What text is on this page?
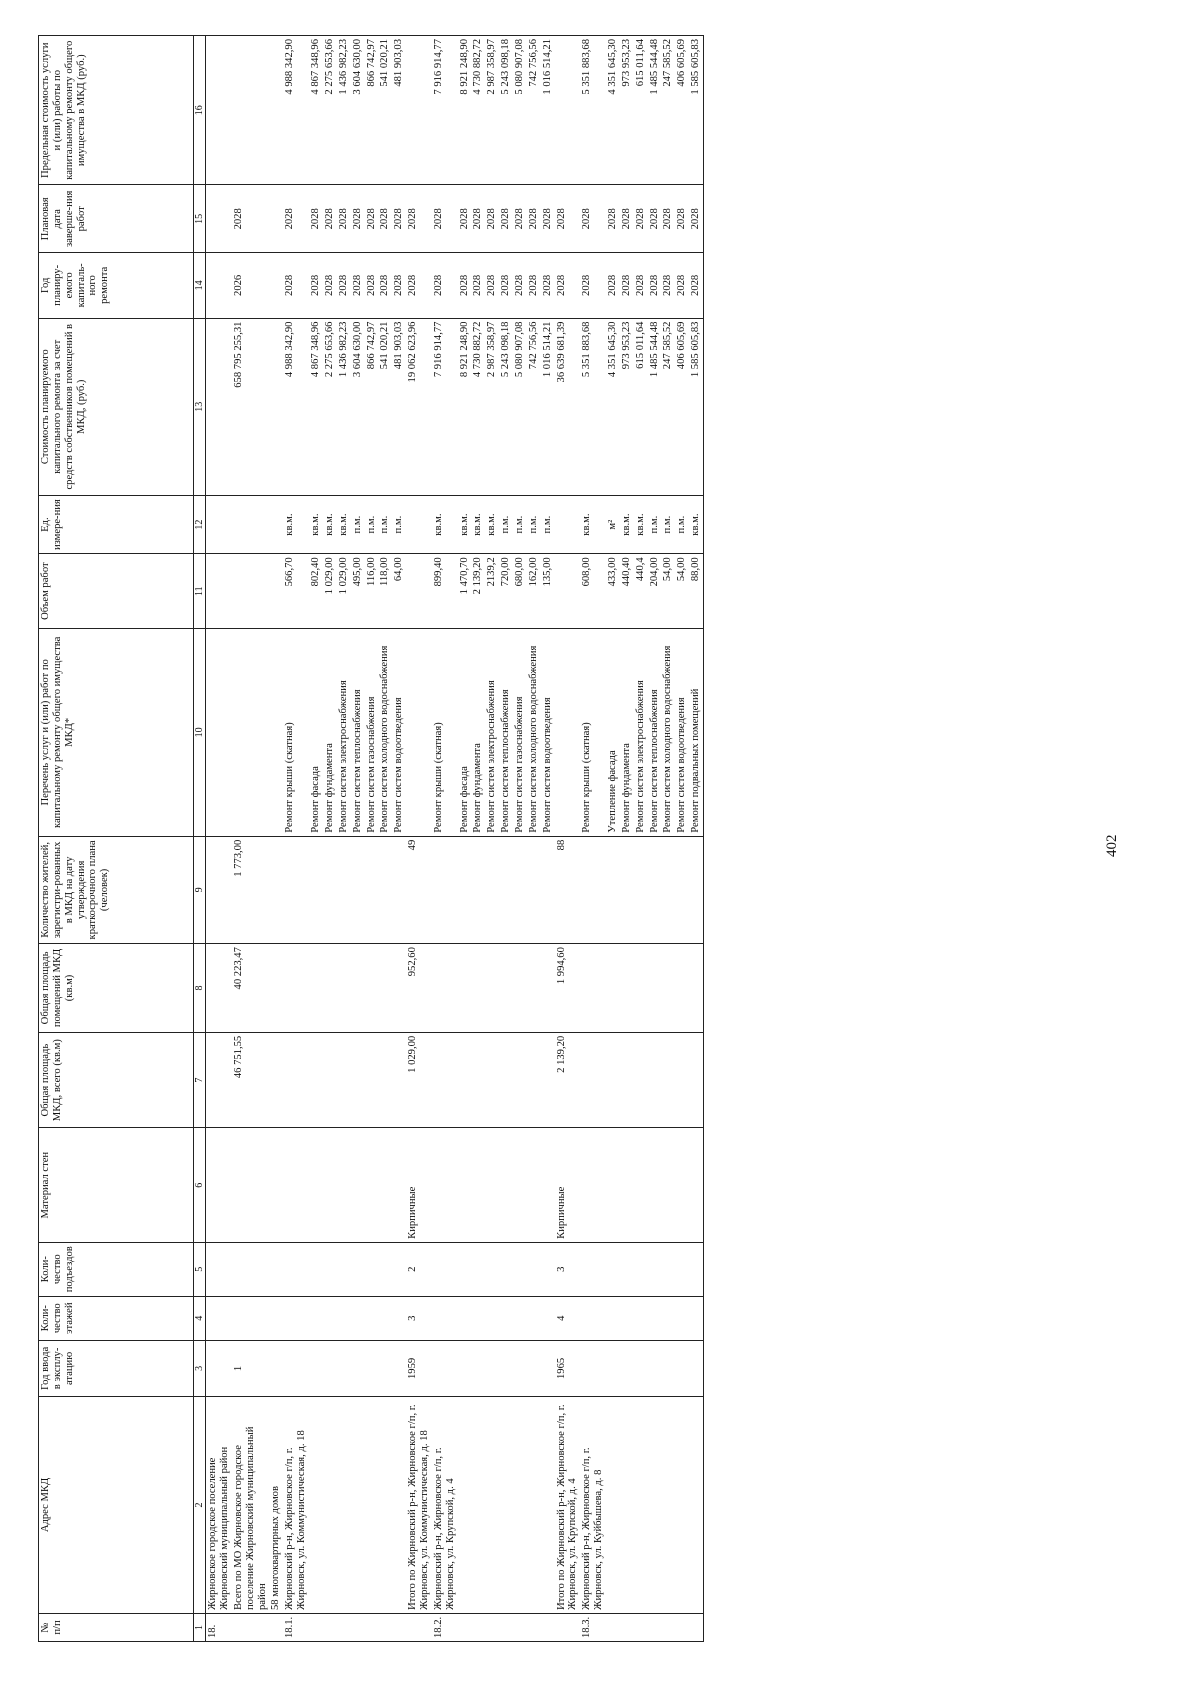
402
№ п/п	Адрес МКД	Год ввода в эксплу-атацию	Коли-чество этажей	Коли-чество подъездов	Материал стен	Общая площадь МКД, всего (кв.м)	Общая площадь помещений МКД (кв.м)	Количество жителей, зарегистри-рованных в МКД на дату утверждения краткосрочного плана (человек)	Перечень услуг и (или) работ по капитальному ремонту общего имущества МКД*	Объем работ	Ед. измере-ния	Стоимость планируемого капитального ремонта за счет средств собственников помещений в МКД, (руб.)	Год планиру-емого капиталь-ного ремонта	Плановая дата заверше-ния работ	Предельная стоимость услуги и (или) работы по капитальному ремонту общего имущества в МКД (руб.)
1	2	3	4	5	6	7	8	9	10	11	12	13	14	15	16
18.	Жирновское городское поселение Жирновский муниципальный район														
	Всего по МО Жирновское городское поселение Жирновский муниципальный район	1				46 751,55	40 223,47	1 773,00				658 795 255,31	2026	2028	
	58 многоквартирных домов														
18.1.	Жирновский р-н, Жирновское г/п, г. Жирновск, ул. Коммунистическая, д. 18								Ремонт крыши (скатная)	566,70	кв.м.	4 988 342,90	2028	2028	4 988 342,90
									Ремонт фасада	802,40	кв.м.	4 867 348,96	2028	2028	4 867 348,96
									Ремонт фундамента	1 029,00	кв.м.	2 275 653,66	2028	2028	2 275 653,66
									Ремонт систем электроснабжения	1 029,00	кв.м.	1 436 982,23	2028	2028	1 436 982,23
									Ремонт систем теплоснабжения	495,00	п.м.	3 604 630,00	2028	2028	3 604 630,00
									Ремонт систем газоснабжения	116,00	п.м.	866 742,97	2028	2028	866 742,97
									Ремонт систем холодного водоснабжения	118,00	п.м.	541 020,21	2028	2028	541 020,21
									Ремонт систем водоотведения	64,00	п.м.	481 903,03	2028	2028	481 903,03
	Итого по Жирновский р-н, Жирновское г/п, г. Жирновск, ул. Коммунистическая, д. 18	1959	3	2	Кирпичные	1 029,00	952,60	49				19 062 623,96	2028	2028	
18.2.	Жирновский р-н, Жирновское г/п, г. Жирновск, ул. Крупской, д. 4								Ремонт крыши (скатная)	899,40	кв.м.	7 916 914,77	2028	2028	7 916 914,77
									Ремонт фасада	1 470,70	кв.м.	8 921 248,90	2028	2028	8 921 248,90
									Ремонт фундамента	2 139,20	кв.м.	4 730 882,72	2028	2028	4 730 882,72
									Ремонт систем электроснабжения	2139,2	кв.м.	2 987 358,97	2028	2028	2 987 358,97
									Ремонт систем теплоснабжения	720,00	п.м.	5 243 098,18	2028	2028	5 243 098,18
									Ремонт систем газоснабжения	680,00	п.м.	5 080 907,08	2028	2028	5 080 907,08
									Ремонт систем холодного водоснабжения	162,00	п.м.	742 756,56	2028	2028	742 756,56
									Ремонт систем водоотведения	135,00	п.м.	1 016 514,21	2028	2028	1 016 514,21
	Итого по Жирновский р-н, Жирновское г/п, г. Жирновск, ул. Крупской, д. 4	1965	4	3	Кирпичные	2 139,20	1 994,60	88				36 639 681,39	2028	2028	
18.3.	Жирновский р-н, Жирновское г/п, г. Жирновск, ул. Куйбышева, д. 8								Ремонт крыши (скатная)	608,00	кв.м.	5 351 883,68	2028	2028	5 351 883,68
									Утепление фасада	433,00	м²	4 351 645,30	2028	2028	4 351 645,30
									Ремонт фундамента	440,40	кв.м.	973 953,23	2028	2028	973 953,23
									Ремонт систем электроснабжения	440,4	кв.м.	615 011,64	2028	2028	615 011,64
									Ремонт систем теплоснабжения	204,00	п.м.	1 485 544,48	2028	2028	1 485 544,48
									Ремонт систем холодного водоснабжения	54,00	п.м.	247 585,52	2028	2028	247 585,52
									Ремонт систем водоотведения	54,00	п.м.	406 605,69	2028	2028	406 605,69
									Ремонт подвальных помещений	88,00	кв.м.	1 585 605,83	2028	2028	1 585 605,83
